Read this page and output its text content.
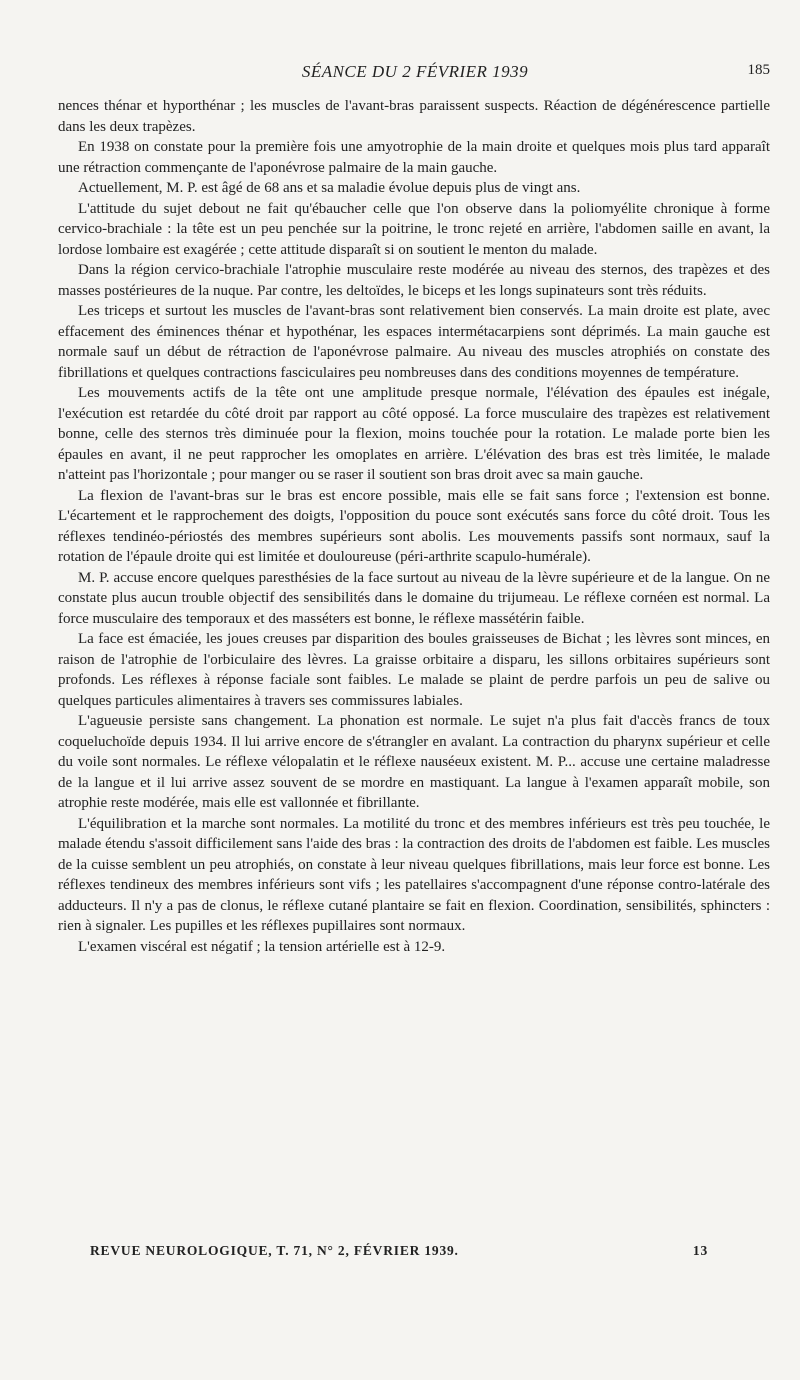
SÉANCE DU 2 FÉVRIER 1939	185

nences thénar et hyporthénar ; les muscles de l'avant-bras paraissent suspects. Réaction de dégénérescence partielle dans les deux trapèzes.

En 1938 on constate pour la première fois une amyotrophie de la main droite et quelques mois plus tard apparaît une rétraction commençante de l'aponévrose palmaire de la main gauche.

Actuellement, M. P. est âgé de 68 ans et sa maladie évolue depuis plus de vingt ans.

L'attitude du sujet debout ne fait qu'ébaucher celle que l'on observe dans la poliomyélite chronique à forme cervico-brachiale : la tête est un peu penchée sur la poitrine, le tronc rejeté en arrière, l'abdomen saille en avant, la lordose lombaire est exagérée ; cette attitude disparaît si on soutient le menton du malade.

Dans la région cervico-brachiale l'atrophie musculaire reste modérée au niveau des sternos, des trapèzes et des masses postérieures de la nuque. Par contre, les deltoïdes, le biceps et les longs supinateurs sont très réduits.

Les triceps et surtout les muscles de l'avant-bras sont relativement bien conservés. La main droite est plate, avec effacement des éminences thénar et hypothénar, les espaces intermétacarpiens sont déprimés. La main gauche est normale sauf un début de rétraction de l'aponévrose palmaire. Au niveau des muscles atrophiés on constate des fibrillations et quelques contractions fasciculaires peu nombreuses dans des conditions moyennes de température.

Les mouvements actifs de la tête ont une amplitude presque normale, l'élévation des épaules est inégale, l'exécution est retardée du côté droit par rapport au côté opposé. La force musculaire des trapèzes est relativement bonne, celle des sternos très diminuée pour la flexion, moins touchée pour la rotation. Le malade porte bien les épaules en avant, il ne peut rapprocher les omoplates en arrière. L'élévation des bras est très limitée, le malade n'atteint pas l'horizontale ; pour manger ou se raser il soutient son bras droit avec sa main gauche.

La flexion de l'avant-bras sur le bras est encore possible, mais elle se fait sans force ; l'extension est bonne. L'écartement et le rapprochement des doigts, l'opposition du pouce sont exécutés sans force du côté droit. Tous les réflexes tendinéo-périostés des membres supérieurs sont abolis. Les mouvements passifs sont normaux, sauf la rotation de l'épaule droite qui est limitée et douloureuse (péri-arthrite scapulo-humérale).

M. P. accuse encore quelques paresthésies de la face surtout au niveau de la lèvre supérieure et de la langue. On ne constate plus aucun trouble objectif des sensibilités dans le domaine du trijumeau. Le réflexe cornéen est normal. La force musculaire des temporaux et des masséters est bonne, le réflexe massétérin faible.

La face est émaciée, les joues creuses par disparition des boules graisseuses de Bichat ; les lèvres sont minces, en raison de l'atrophie de l'orbiculaire des lèvres. La graisse orbitaire a disparu, les sillons orbitaires supérieurs sont profonds. Les réflexes à réponse faciale sont faibles. Le malade se plaint de perdre parfois un peu de salive ou quelques particules alimentaires à travers ses commissures labiales.

L'agueusie persiste sans changement. La phonation est normale. Le sujet n'a plus fait d'accès francs de toux coqueluchoïde depuis 1934. Il lui arrive encore de s'étrangler en avalant. La contraction du pharynx supérieur et celle du voile sont normales. Le réflexe vélopalatin et le réflexe nauséeux existent. M. P... accuse une certaine maladresse de la langue et il lui arrive assez souvent de se mordre en mastiquant. La langue à l'examen apparaît mobile, son atrophie reste modérée, mais elle est vallonnée et fibrillante.

L'équilibration et la marche sont normales. La motilité du tronc et des membres inférieurs est très peu touchée, le malade étendu s'assoit difficilement sans l'aide des bras : la contraction des droits de l'abdomen est faible. Les muscles de la cuisse semblent un peu atrophiés, on constate à leur niveau quelques fibrillations, mais leur force est bonne. Les réflexes tendineux des membres inférieurs sont vifs ; les patellaires s'accompagnent d'une réponse contro-latérale des adducteurs. Il n'y a pas de clonus, le réflexe cutané plantaire se fait en flexion. Coordination, sensibilités, sphincters : rien à signaler. Les pupilles et les réflexes pupillaires sont normaux.

L'examen viscéral est négatif ; la tension artérielle est à 12-9.

REVUE NEUROLOGIQUE, T. 71, N° 2, FÉVRIER 1939.	13
